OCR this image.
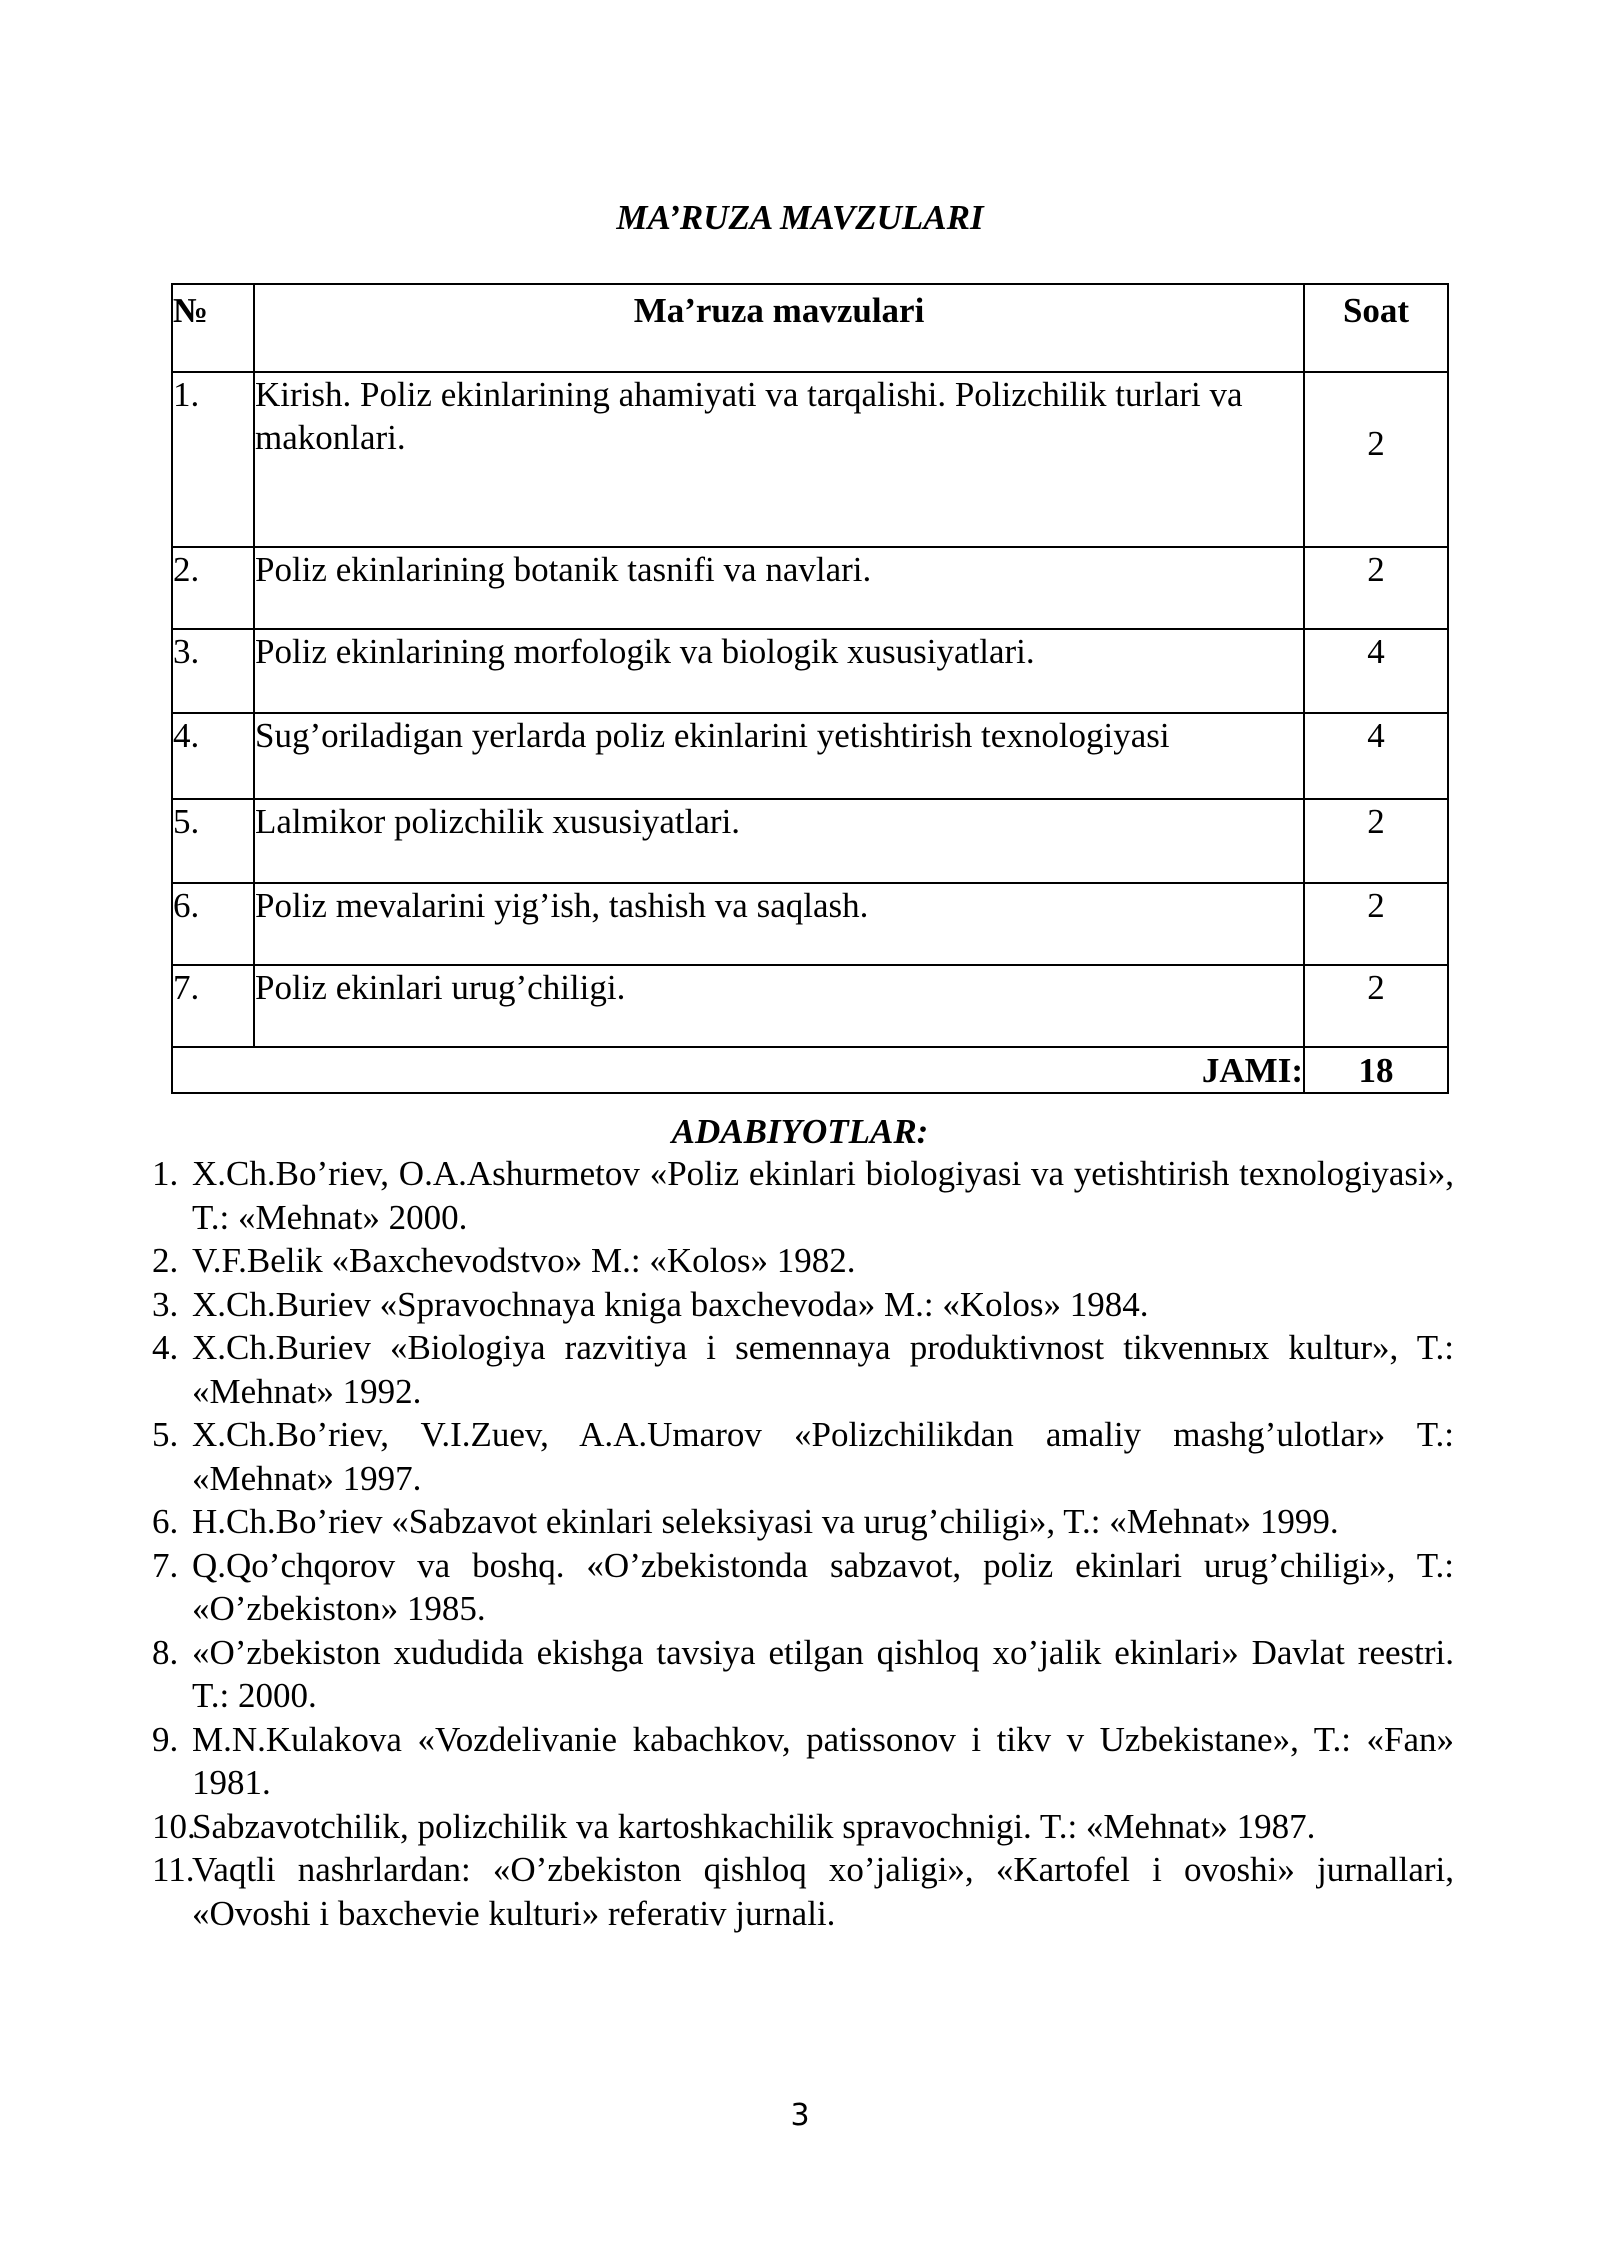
MA’RUZA MAVZULARI
№	Ma’ruza mavzulari	Soat
1.	Kirish. Poliz ekinlarining ahamiyati va tarqalishi. Polizchilik turlari va makonlari.	2
2.	Poliz ekinlarining botanik tasnifi va navlari.	2
3.	Poliz ekinlarining morfologik va biologik xususiyatlari.	4
4.	Sug’oriladigan yerlarda poliz ekinlarini yetishtirish texnologiyasi	4
5.	Lalmikor polizchilik xususiyatlari.	2
6.	Poliz mevalarini yig’ish, tashish va saqlash.	2
7.	Poliz ekinlari urug’chiligi.	2
JAMI:		18
ADABIYOTLAR:
1. X.Ch.Bo’riev, O.A.Ashurmetov «Poliz ekinlari biologiyasi va yetishtirish texnologiyasi», T.: «Mehnat» 2000.
2. V.F.Belik «Baxchevodstvo» M.: «Kolos» 1982.
3. X.Ch.Buriev «Spravochnaya kniga baxchevoda» M.: «Kolos» 1984.
4. X.Ch.Buriev «Biologiya razvitiya i semennaya produktivnost tikvennых kultur», T.: «Mehnat» 1992.
5. X.Ch.Bo’riev, V.I.Zuev, A.A.Umarov «Polizchilikdan amaliy mashg’ulotlar» T.: «Mehnat» 1997.
6. H.Ch.Bo’riev «Sabzavot ekinlari seleksiyasi va urug’chiligi», T.: «Mehnat» 1999.
7. Q.Qo’chqorov va boshq. «O’zbekistonda sabzavot, poliz ekinlari urug’chiligi», T.: «O’zbekiston» 1985.
8. «O’zbekiston xududida ekishga tavsiya etilgan qishloq xo’jalik ekinlari» Davlat reestri. T.: 2000.
9. M.N.Kulakova «Vozdelivanie kabachkov, patissonov i tikv v Uzbekistane», T.: «Fan» 1981.
10.
Sabzavotchilik, polizchilik va kartoshkachilik spravochnigi. T.: «Mehnat» 1987.
11.
Vaqtli nashrlardan: «O’zbekiston qishloq xo’jaligi», «Kartofel i ovoshi» jurnallari, «Ovoshi i baxchevie kulturi» referativ jurnali.
3
